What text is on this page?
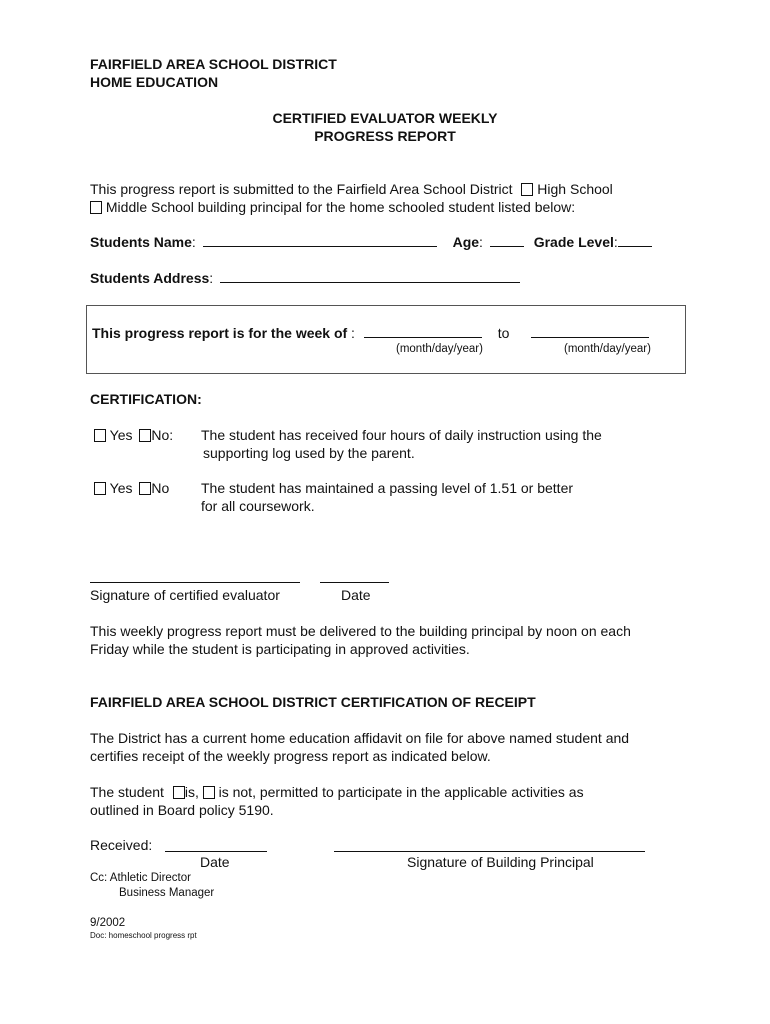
FAIRFIELD AREA SCHOOL DISTRICT
HOME EDUCATION
CERTIFIED EVALUATOR WEEKLY
PROGRESS REPORT
This progress report is submitted to the Fairfield Area School District High School
Middle School building principal for the home schooled student listed below:
Students Name:	Age:	Grade Level:
Students Address:
This progress report is for the week of :	to
(month/day/year)	(month/day/year)
CERTIFICATION:
Yes No: The student has received four hours of daily instruction using the
supporting log used by the parent.
Yes No The student has maintained a passing level of 1.51 or better
for all coursework.
Signature of certified evaluator	Date
This weekly progress report must be delivered to the building principal by noon on each
Friday while the student is participating in approved activities.
FAIRFIELD AREA SCHOOL DISTRICT CERTIFICATION OF RECEIPT
The District has a current home education affidavit on file for above named student and
certifies receipt of the weekly progress report as indicated below.
The student is, is not, permitted to participate in the applicable activities as
outlined in Board policy 5190.
Received:
Date	Signature of Building Principal
Cc: Athletic Director
Business Manager
9/2002
Doc: homeschool progress rpt
